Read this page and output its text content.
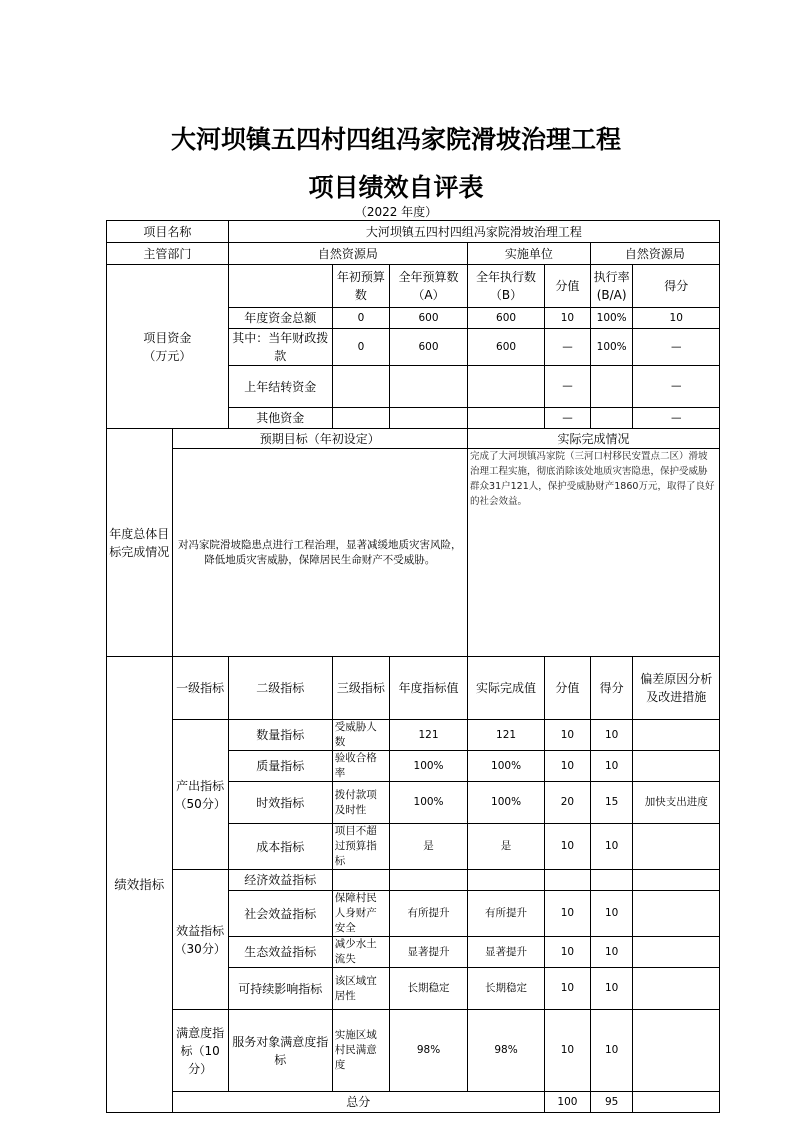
大河坝镇五四村四组冯家院滑坡治理工程
项目绩效自评表
（2022 年度）
项目名称		大河坝镇五四村四组冯家院滑坡治理工程						
主管部门		自然资源局			实施单位		自然资源局	

项目资金
（万元）			年初预算数	全年预算数（A）	全年执行数（B）	分值	执行率(B/A)	得分
		年度资金总额	0	600	600	10	100%	10
		其中：当年财政拨款	0	600	600	—	100%	—
		上年结转资金				—		—
		其他资金				—		—
年度总体目标完成情况	预期目标（年初设定）				实际完成情况			
	对冯家院滑坡隐患点进行工程治理，显著减缓地质灾害风险，降低地质灾害威胁，保障居民生命财产不受威胁。				完成了大河坝镇冯家院（三河口村移民安置点二区）滑坡治理工程实施，彻底消除该处地质灾害隐患，保护受威胁群众31户121人，保护受威胁财产1860万元，取得了良好的社会效益。			
绩效指标	一级指标	二级指标	三级指标	年度指标值	实际完成值	分值	得分	偏差原因分析及改进措施
	产出指标（50分）	数量指标	受威胁人数	121	121	10	10	
		质量指标	验收合格率	100%	100%	10	10	
		时效指标	拨付款项及时性	100%	100%	20	15	加快支出进度
		成本指标	项目不超过预算指标	是	是	10	10	
	效益指标（30分）	经济效益指标						
		社会效益指标	保障村民人身财产安全	有所提升	有所提升	10	10	
		生态效益指标	减少水土流失	显著提升	显著提升	10	10	
		可持续影响指标	该区域宜居性	长期稳定	长期稳定	10	10	
	满意度指标（10分）	服务对象满意度指标	实施区域村民满意度	98%	98%	10	10	
	总分					100	95	
